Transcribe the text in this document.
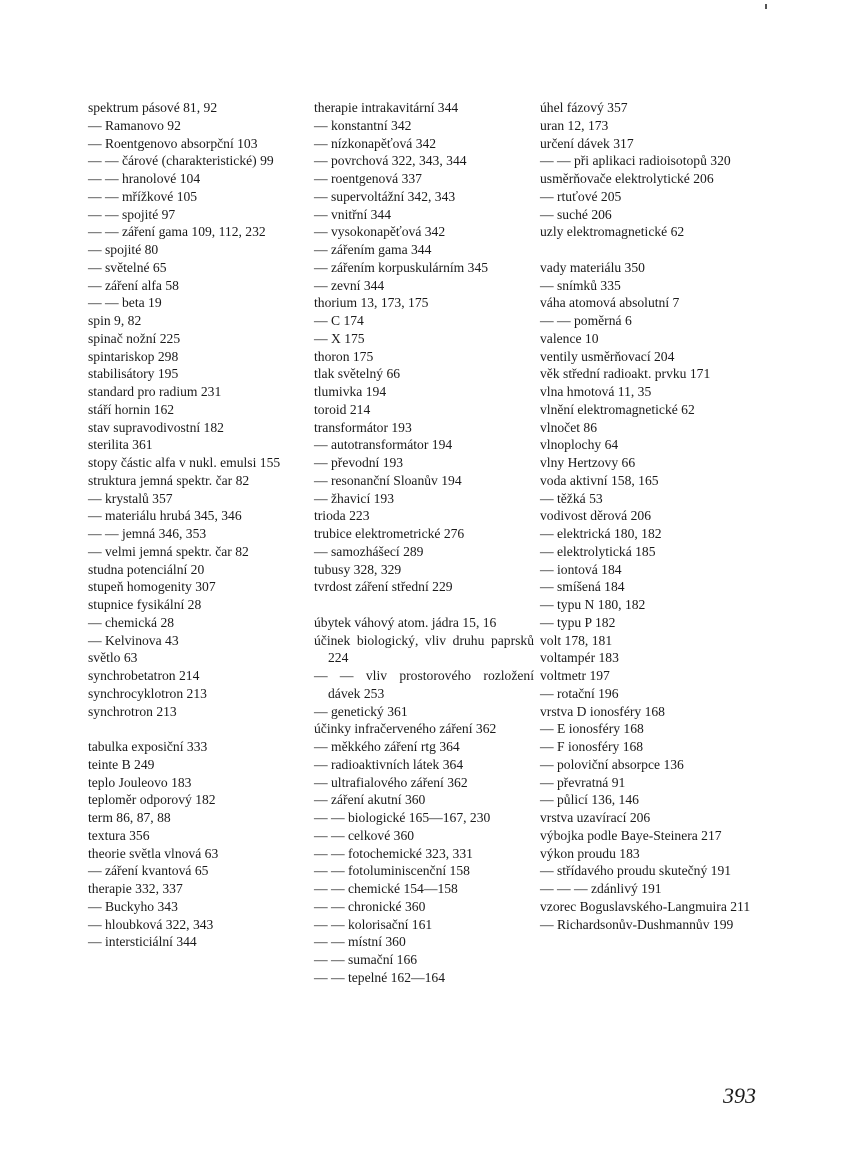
spektrum pásové 81, 92
— Ramanovo 92
— Roentgenovo absorpční 103
— — čárové (charakteristické) 99
— — hranolové 104
— — mřížkové 105
— — spojité 97
— — záření gama 109, 112, 232
— spojité 80
— světelné 65
— záření alfa 58
— — beta 19
spin 9, 82
spinač nožní 225
spintariskop 298
stabilisátory 195
standard pro radium 231
stáří hornin 162
stav supravodivostní 182
sterilita 361
stopy částic alfa v nukl. emulsi 155
struktura jemná spektr. čar 82
— krystalů 357
— materiálu hrubá 345, 346
— — jemná 346, 353
— velmi jemná spektr. čar 82
studna potenciální 20
stupeň homogenity 307
stupnice fysikální 28
— chemická 28
— Kelvinova 43
světlo 63
synchrobetatron 214
synchrocyklotron 213
synchrotron 213
tabulka exposiční 333
teinte B 249
teplo Jouleovo 183
teploměr odporový 182
term 86, 87, 88
textura 356
theorie světla vlnová 63
— záření kvantová 65
therapie 332, 337
— Buckyho 343
— hloubková 322, 343
— intersticiální 344
therapie intrakavitární 344
— konstantní 342
— nízkonapěťová 342
— povrchová 322, 343, 344
— roentgenová 337
— supervoltážní 342, 343
— vnitřní 344
— vysokonapěťová 342
— zářením gama 344
— zářením korpuskulárním 345
— zevní 344
thorium 13, 173, 175
— C 174
— X 175
thoron 175
tlak světelný 66
tlumivka 194
toroid 214
transformátor 193
— autotransformátor 194
— převodní 193
— resonanční Sloanův 194
— žhavicí 193
trioda 223
trubice elektrometrické 276
— samozhášecí 289
tubusy 328, 329
tvrdost záření střední 229
úbytek váhový atom. jádra 15, 16
účinek biologický, vliv druhu paprsků 224
— — vliv prostorového rozložení dávek 253
— genetický 361
účinky infračerveného záření 362
— měkkého záření rtg 364
— radioaktivních látek 364
— ultrafialového záření 362
— záření akutní 360
— — biologické 165—167, 230
— — celkové 360
— — fotochemické 323, 331
— — fotoluminiscenční 158
— — chemické 154—158
— — chronické 360
— — kolorisační 161
— — místní 360
— — sumační 166
— — tepelné 162—164
úhel fázový 357
uran 12, 173
určení dávek 317
— — při aplikaci radioisotopů 320
usměrňovače elektrolytické 206
— rtuťové 205
— suché 206
uzly elektromagnetické 62
vady materiálu 350
— snímků 335
váha atomová absolutní 7
— — poměrná 6
valence 10
ventily usměrňovací 204
věk střední radioakt. prvku 171
vlna hmotová 11, 35
vlnění elektromagnetické 62
vlnočet 86
vlnoplochy 64
vlny Hertzovy 66
voda aktivní 158, 165
— těžká 53
vodivost děrová 206
— elektrická 180, 182
— elektrolytická 185
— iontová 184
— smíšená 184
— typu N 180, 182
— typu P 182
volt 178, 181
voltampér 183
voltmetr 197
— rotační 196
vrstva D ionosféry 168
— E ionosféry 168
— F ionosféry 168
— poloviční absorpce 136
— převratná 91
— půlicí 136, 146
vrstva uzavírací 206
výbojka podle Baye-Steinera 217
výkon proudu 183
— střídavého proudu skutečný 191
— — — zdánlivý 191
vzorec Boguslavského-Langmuira 211
— Richardsonův-Dushmannův 199
393
